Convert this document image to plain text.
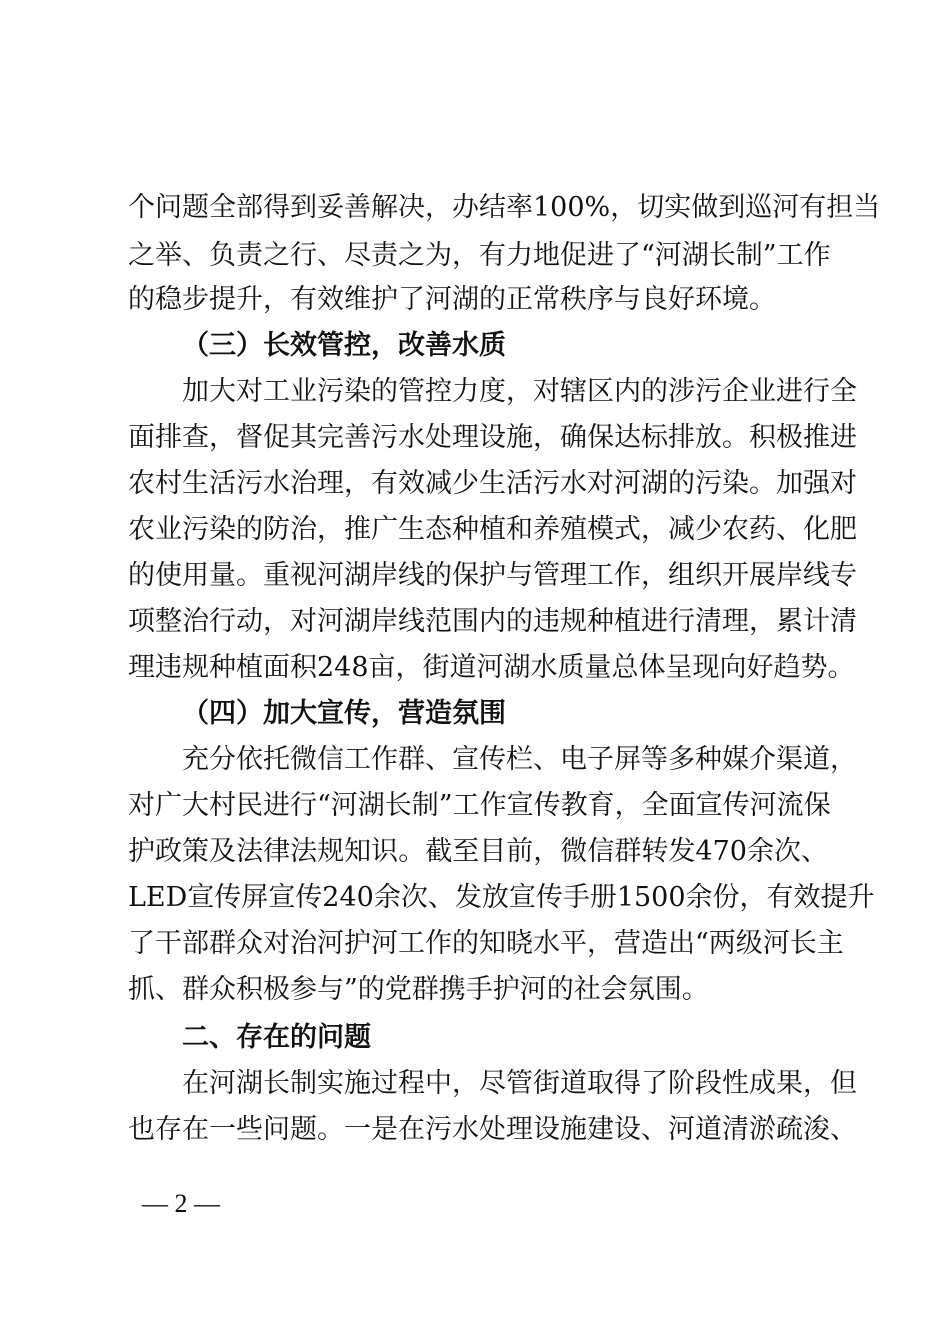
个问题全部得到妥善解决，办结率100%，切实做到巡河有担当
之举、负责之行、尽责之为，有力地促进了“河湖长制”工作
的稳步提升，有效维护了河湖的正常秩序与良好环境。
（三）长效管控，改善水质
加大对工业污染的管控力度，对辖区内的涉污企业进行全
面排查，督促其完善污水处理设施，确保达标排放。积极推进
农村生活污水治理，有效减少生活污水对河湖的污染。加强对
农业污染的防治，推广生态种植和养殖模式，减少农药、化肥
的使用量。重视河湖岸线的保护与管理工作，组织开展岸线专
项整治行动，对河湖岸线范围内的违规种植进行清理，累计清
理违规种植面积248亩，街道河湖水质量总体呈现向好趋势。
（四）加大宣传，营造氛围
充分依托微信工作群、宣传栏、电子屏等多种媒介渠道，
对广大村民进行“河湖长制”工作宣传教育，全面宣传河流保
护政策及法律法规知识。截至目前，微信群转发470余次、
LED宣传屏宣传240余次、发放宣传手册1500余份，有效提升
了干部群众对治河护河工作的知晓水平，营造出“两级河长主
抓、群众积极参与”的党群携手护河的社会氛围。
二、存在的问题
在河湖长制实施过程中，尽管街道取得了阶段性成果，但
也存在一些问题。一是在污水处理设施建设、河道清淤疏浚、
— 2 —
